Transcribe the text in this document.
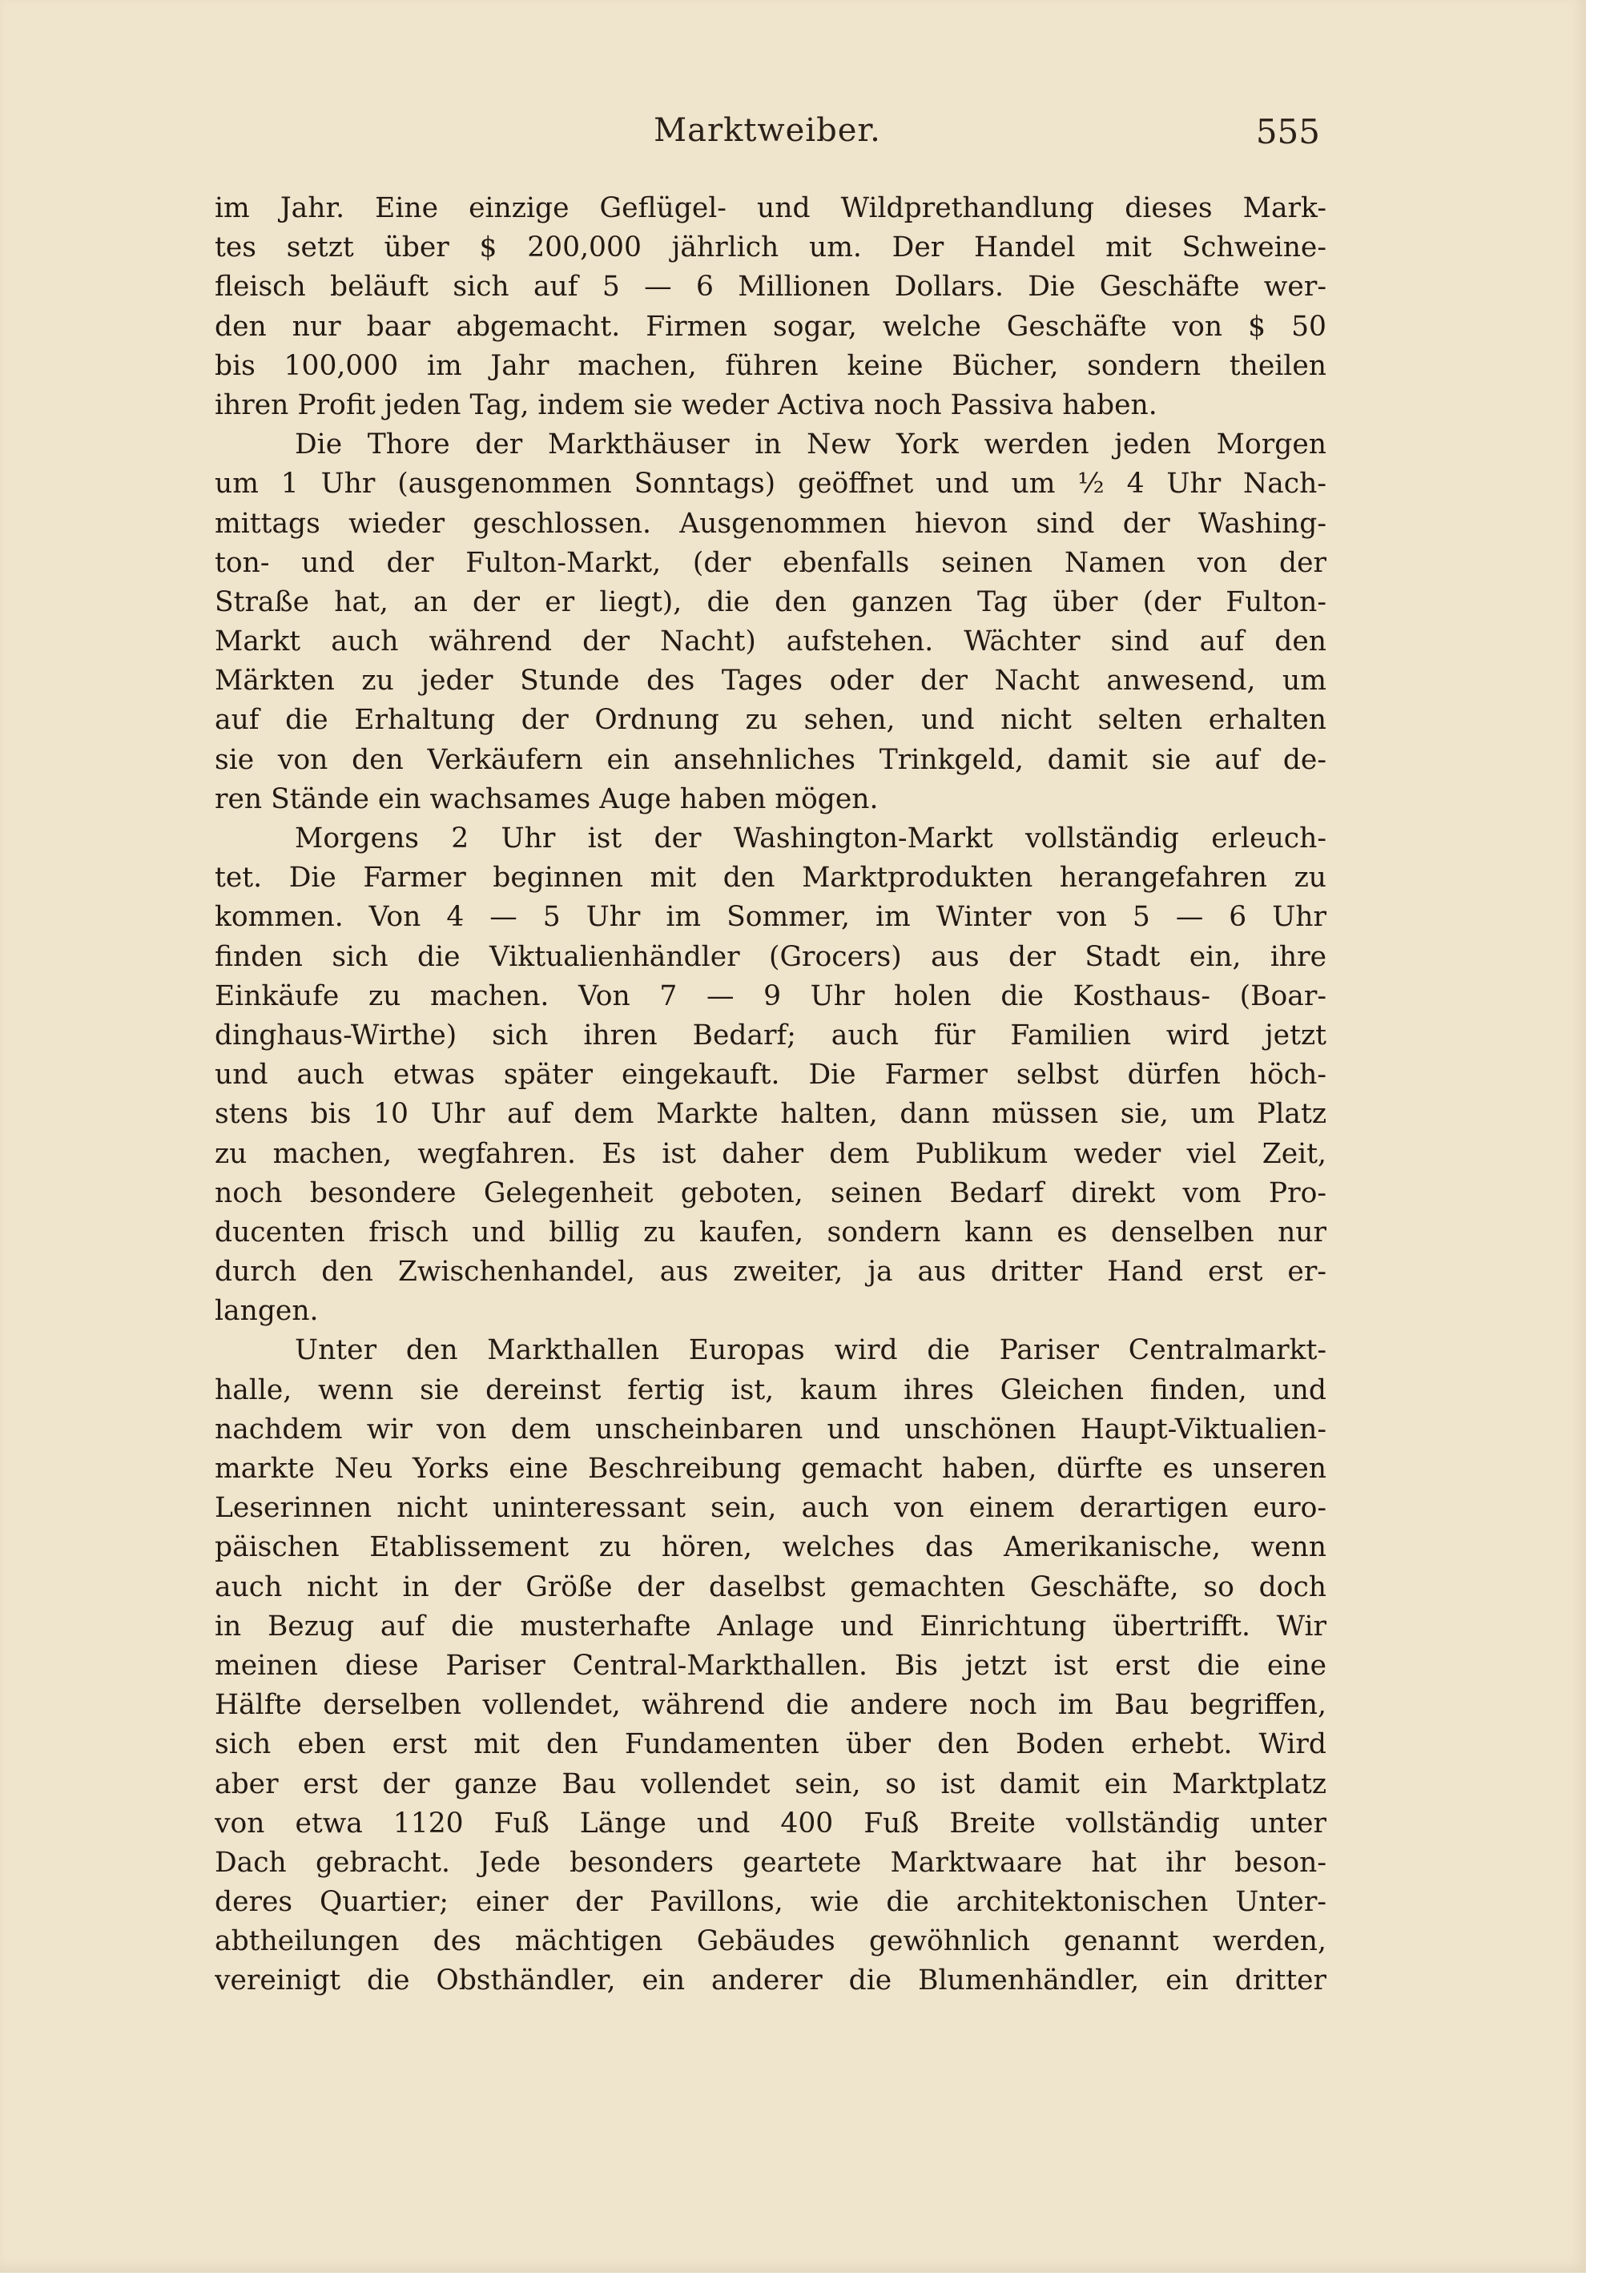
Marktweiber.	555
im Jahr. Eine einzige Geflügel- und Wildprethandlung dieses Mark-
tes setzt über $ 200,000 jährlich um. Der Handel mit Schweine-
fleisch beläuft sich auf 5 — 6 Millionen Dollars. Die Geschäfte wer-
den nur baar abgemacht. Firmen sogar, welche Geschäfte von $ 50
bis 100,000 im Jahr machen, führen keine Bücher, sondern theilen
ihren Profit jeden Tag, indem sie weder Activa noch Passiva haben.
Die Thore der Markthäuser in New York werden jeden Morgen
um 1 Uhr (ausgenommen Sonntags) geöffnet und um ½ 4 Uhr Nach-
mittags wieder geschlossen. Ausgenommen hievon sind der Washing-
ton- und der Fulton-Markt, (der ebenfalls seinen Namen von der
Straße hat, an der er liegt), die den ganzen Tag über (der Fulton-
Markt auch während der Nacht) aufstehen. Wächter sind auf den
Märkten zu jeder Stunde des Tages oder der Nacht anwesend, um
auf die Erhaltung der Ordnung zu sehen, und nicht selten erhalten
sie von den Verkäufern ein ansehnliches Trinkgeld, damit sie auf de-
ren Stände ein wachsames Auge haben mögen.
Morgens 2 Uhr ist der Washington-Markt vollständig erleuch-
tet. Die Farmer beginnen mit den Marktprodukten herangefahren zu
kommen. Von 4 — 5 Uhr im Sommer, im Winter von 5 — 6 Uhr
finden sich die Viktualienhändler (Grocers) aus der Stadt ein, ihre
Einkäufe zu machen. Von 7 — 9 Uhr holen die Kosthaus- (Boar-
dinghaus-Wirthe) sich ihren Bedarf; auch für Familien wird jetzt
und auch etwas später eingekauft. Die Farmer selbst dürfen höch-
stens bis 10 Uhr auf dem Markte halten, dann müssen sie, um Platz
zu machen, wegfahren. Es ist daher dem Publikum weder viel Zeit,
noch besondere Gelegenheit geboten, seinen Bedarf direkt vom Pro-
ducenten frisch und billig zu kaufen, sondern kann es denselben nur
durch den Zwischenhandel, aus zweiter, ja aus dritter Hand erst er-
langen.
Unter den Markthallen Europas wird die Pariser Centralmarkt-
halle, wenn sie dereinst fertig ist, kaum ihres Gleichen finden, und
nachdem wir von dem unscheinbaren und unschönen Haupt-Viktualien-
markte Neu Yorks eine Beschreibung gemacht haben, dürfte es unseren
Leserinnen nicht uninteressant sein, auch von einem derartigen euro-
päischen Etablissement zu hören, welches das Amerikanische, wenn
auch nicht in der Größe der daselbst gemachten Geschäfte, so doch
in Bezug auf die musterhafte Anlage und Einrichtung übertrifft. Wir
meinen diese Pariser Central-Markthallen. Bis jetzt ist erst die eine
Hälfte derselben vollendet, während die andere noch im Bau begriffen,
sich eben erst mit den Fundamenten über den Boden erhebt. Wird
aber erst der ganze Bau vollendet sein, so ist damit ein Marktplatz
von etwa 1120 Fuß Länge und 400 Fuß Breite vollständig unter
Dach gebracht. Jede besonders geartete Marktwaare hat ihr beson-
deres Quartier; einer der Pavillons, wie die architektonischen Unter-
abtheilungen des mächtigen Gebäudes gewöhnlich genannt werden,
vereinigt die Obsthändler, ein anderer die Blumenhändler, ein dritter
